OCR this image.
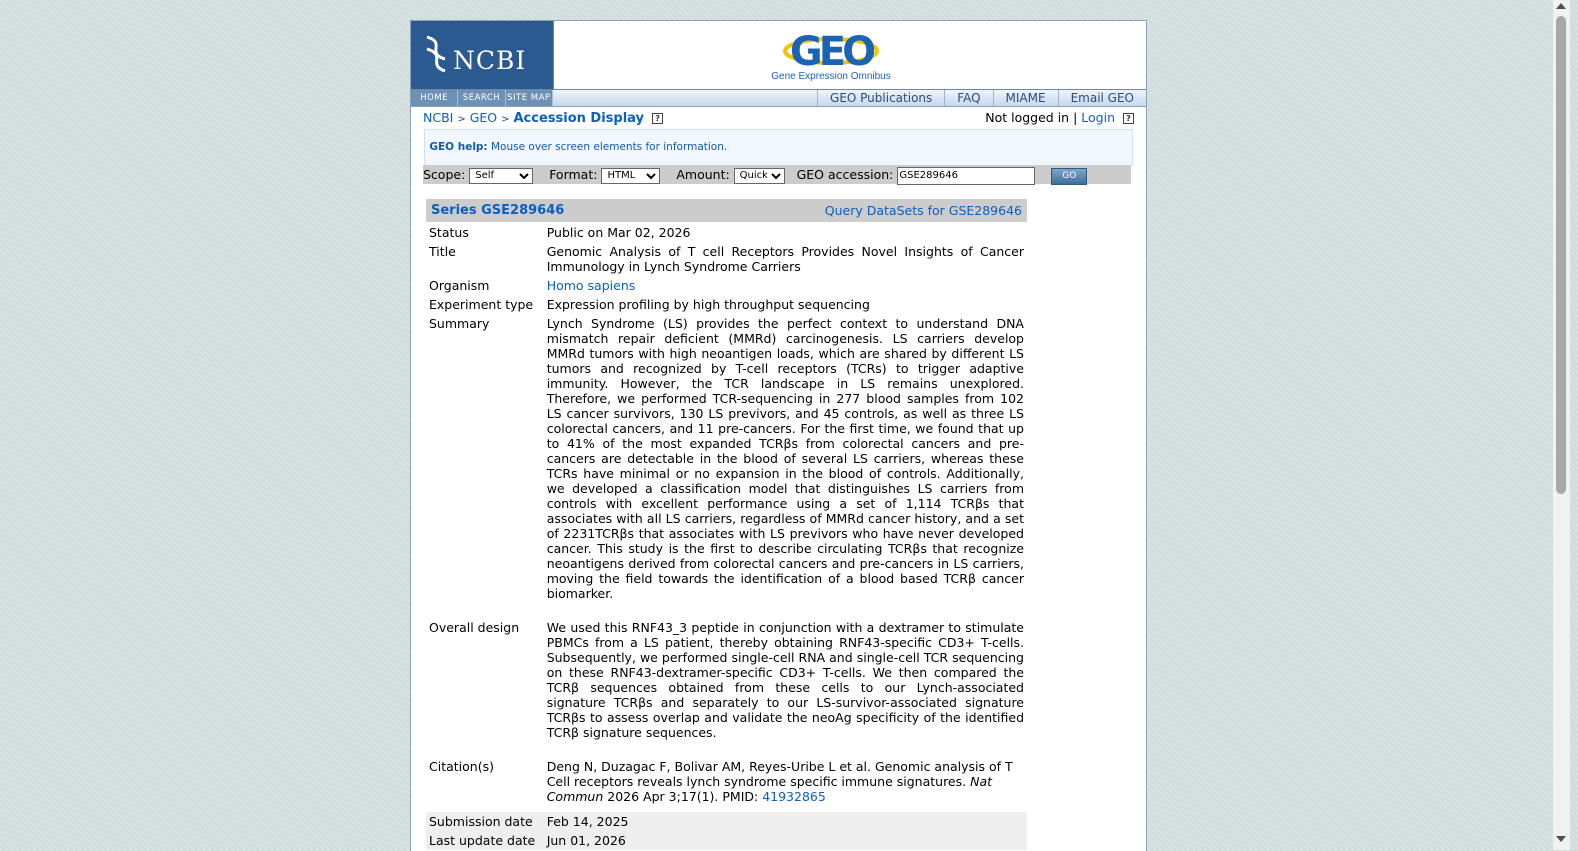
NCBI	GEO
Gene Expression Omnibus
HOME	SEARCH SITE MAP	GEO Publications	FAQ	MIAME	Email GEO
NCBI > GEO > Accession Display ?	Not logged in | Login ?
GEO help: Mouse over screen elements for information.
Scope:
Self	Format:
HTML	Amount:
Quick	GEO accession: GSE289646	GO
Series GSE289646	Query DataSets for GSE289646
Status	Public on Mar 02, 2026
Title	Genomic Analysis of T cell Receptors Provides Novel Insights of Cancer Immunology in Lynch Syndrome Carriers
Organism	Homo sapiens
Experiment type	Expression profiling by high throughput sequencing
Summary	Lynch Syndrome (LS) provides the perfect context to understand DNA mismatch repair deficient (MMRd) carcinogenesis. LS carriers develop MMRd tumors with high neoantigen loads, which are shared by different LS tumors and recognized by T-cell receptors (TCRs) to trigger adaptive immunity. However, the TCR landscape in LS remains unexplored. Therefore, we performed TCR-sequencing in 277 blood samples from 102 LS cancer survivors, 130 LS previvors, and 45 controls, as well as three LS colorectal cancers, and 11 pre-cancers. For the first time, we found that up to 41% of the most expanded TCRβs from colorectal cancers and pre-cancers are detectable in the blood of several LS carriers, whereas these TCRs have minimal or no expansion in the blood of controls. Additionally, we developed a classification model that distinguishes LS carriers from controls with excellent performance using a set of 1,114 TCRβs that associates with all LS carriers, regardless of MMRd cancer history, and a set of 2231TCRβs that associates with LS previvors who have never developed cancer. This study is the first to describe circulating TCRβs that recognize neoantigens derived from colorectal cancers and pre-cancers in LS carriers, moving the field towards the identification of a blood based TCRβ cancer biomarker.
Overall design	We used this RNF43_3 peptide in conjunction with a dextramer to stimulate PBMCs from a LS patient, thereby obtaining RNF43-specific CD3+ T-cells. Subsequently, we performed single-cell RNA and single-cell TCR sequencing on these RNF43-dextramer-specific CD3+ T-cells. We then compared the TCRβ sequences obtained from these cells to our Lynch-associated signature TCRβs and separately to our LS-survivor-associated signature TCRβs to assess overlap and validate the neoAg specificity of the identified TCRβ signature sequences.
Citation(s)	Deng N, Duzagac F, Bolivar AM, Reyes-Uribe L et al. Genomic analysis of T Cell receptors reveals lynch syndrome specific immune signatures. Nat Commun 2026 Apr 3;17(1). PMID: 41932865
Submission date	Feb 14, 2025
Last update date	Jun 01, 2026
